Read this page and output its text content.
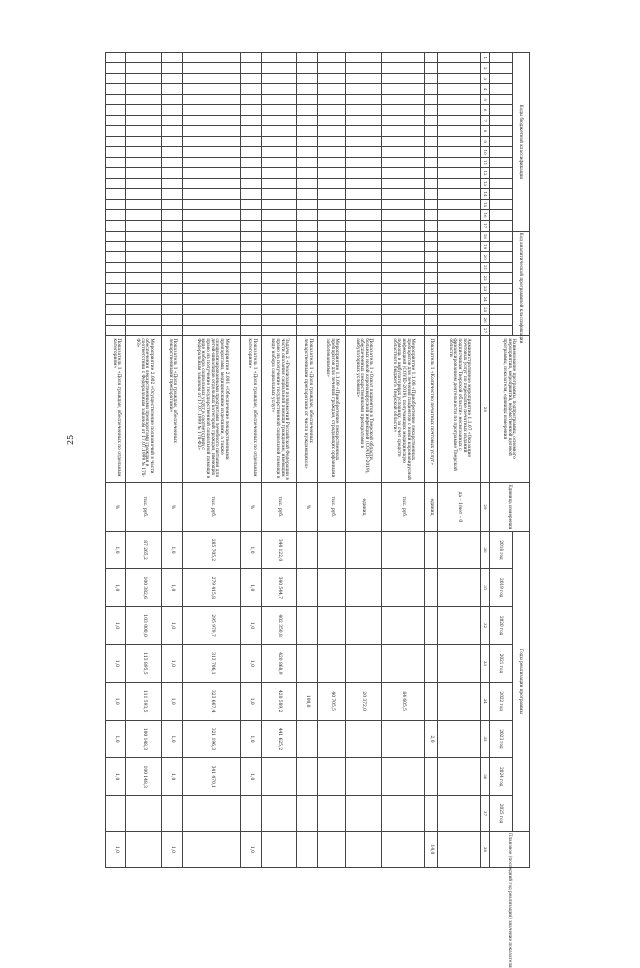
25
Коды бюджетной классификации																	Код аналитической программной классификации										Наименование программы, подпрограммы, основного мероприятия, мероприятия, ведомственной целевой программы, показателя, единицы измерения	Единица измерения	Годы реализации программы								Плановое (последний год реализации) значение показателя
																													2018 год	2019 год	2020 год	2021 год	2022 год	2023 год	2024 год	2025 год	
1	2	3	4	5	6	7	8	9	10	11	12	13	14	15	16	17	18	19	20	21	22	23	24	25	26	27	28	29	30	31	32	33	34	35	36	37	38
																											Административное мероприятие 1.1.07 «Оказание почтовых услуг по пересылке печатных изданий подписчикам Тверской области» несвязанных с финансированием деятельности по программе Тверской области	да – 1/нет – 0									
																											Показатель 1 «Количество печатных почтовых услуг»	единиц						2,0			14,0
																											Мероприятие 1.1.08 «Приобретение лекарственных препаратов для лечения пациентов с новой коронавирусной инфекцией (COVID-2019), получающих медицинскую помощь в амбулаторных условиях, за счет средств областного бюджета Тверской области»	тыс. руб.					84 605,5				
																											Показатель 1 «Охват пациентов в Тверской области, больных новой коронавирусной инфекцией (COVID-2019), обеспеченных лекарственными препаратами в амбулаторных условиях»	единиц					20 372,0				
																											Мероприятие 1.1.09 «Приобретение лекарственных препаратов для лечения граждан, страдающих орфанными заболеваниями»	тыс. руб.					40 705,5				
																											Показатель 1 «Доля граждан, обеспеченных лекарственными препаратами от числа нуждающихся»	%					100,0				
																											Задача 2 «Реализация полномочий Российской Федерации в части оказания социальной помощи гражданам, имеющим право на получение государственной социальной помощи в виде набора социальных услуг»	тыс. руб.	344 122,0	340 544,7	402 350,8	420 868,9	420 589,2	441 625,2			
																											Показатель 1 «Доля граждан, обеспеченных по отдельным категориям»	%	1,0	1,0	1,0	1,0	1,0	1,0	1,0		1,0
																											Мероприятие 2.001 «Обеспечение лекарственными препаратами, медицинскими изделиями, а также специализированными продуктами лечебного питания для детей-инвалидов отдельных категорий граждан, имеющих право на получение государственной социальной помощи в виде набора социальных услуг в соответствии с Федеральным законом от 17.07.1999 № 178-ФЗ»	тыс. руб.	285 705,2	279 415,8	295 979,7	313 706,1	323 667,4	321 196,3	341 470,1		
																											Показатель 1 «Доля граждан, обеспеченных лекарственными препаратами»	%	1,0	1,0	1,0	1,0	1,0	1,0	1,0		1,0
																											Мероприятие 2.002 «Осуществление полномочий в части обеспечения лекарственными препаратами граждан в соответствии с Федеральным законом от 17.07.1999 № 178-ФЗ»	тыс. руб.	87 265,2	100 382,6	103 000,0	113 895,5	111 593,5	100 148,3	100 148,3		
																											Показатель 1 «Доля граждан, обеспеченных по отдельным категориям»	%	1,0	1,0	1,0	1,0	1,0	1,0	1,0		1,0
